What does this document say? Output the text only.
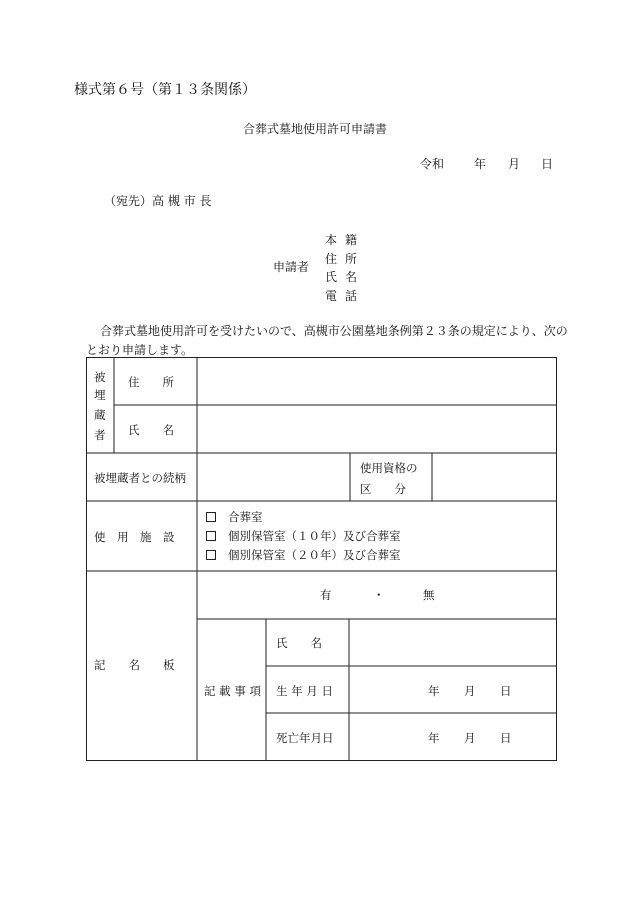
様式第６号（第１３条関係）
合葬式墓地使用許可申請書
令和 年 月 日
（宛先）高 槻 市 長
申請者
本籍
住所
氏名
電話
合葬式墓地使用許可を受けたいので、高槻市公園墓地条例第２３条の規定により、次の
とおり申請します。
被
埋
蔵
者
住　　所
氏　　名
被埋蔵者との続柄
使用資格の
区　　分
使　用　施　設
合葬室
個別保管室（１０年）及び合葬室
個別保管室（２０年）及び合葬室
記　　名　　板
有	・	無
記 載 事 項
氏　　名
生 年 月 日
死亡年月日
年 月 日
年 月 日
